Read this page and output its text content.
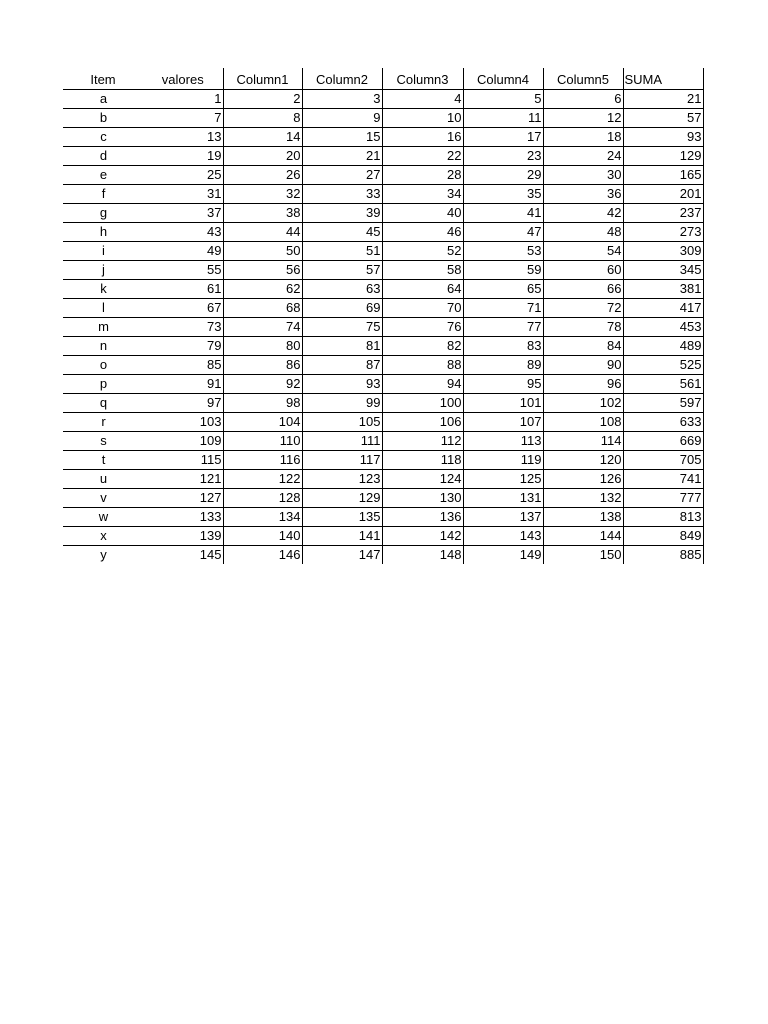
Item	valores	Column1	Column2	Column3	Column4	Column5	SUMA
a	1	2	3	4	5	6	21
b	7	8	9	10	11	12	57
c	13	14	15	16	17	18	93
d	19	20	21	22	23	24	129
e	25	26	27	28	29	30	165
f	31	32	33	34	35	36	201
g	37	38	39	40	41	42	237
h	43	44	45	46	47	48	273
i	49	50	51	52	53	54	309
j	55	56	57	58	59	60	345
k	61	62	63	64	65	66	381
l	67	68	69	70	71	72	417
m	73	74	75	76	77	78	453
n	79	80	81	82	83	84	489
o	85	86	87	88	89	90	525
p	91	92	93	94	95	96	561
q	97	98	99	100	101	102	597
r	103	104	105	106	107	108	633
s	109	110	111	112	113	114	669
t	115	116	117	118	119	120	705
u	121	122	123	124	125	126	741
v	127	128	129	130	131	132	777
w	133	134	135	136	137	138	813
x	139	140	141	142	143	144	849
y	145	146	147	148	149	150	885
